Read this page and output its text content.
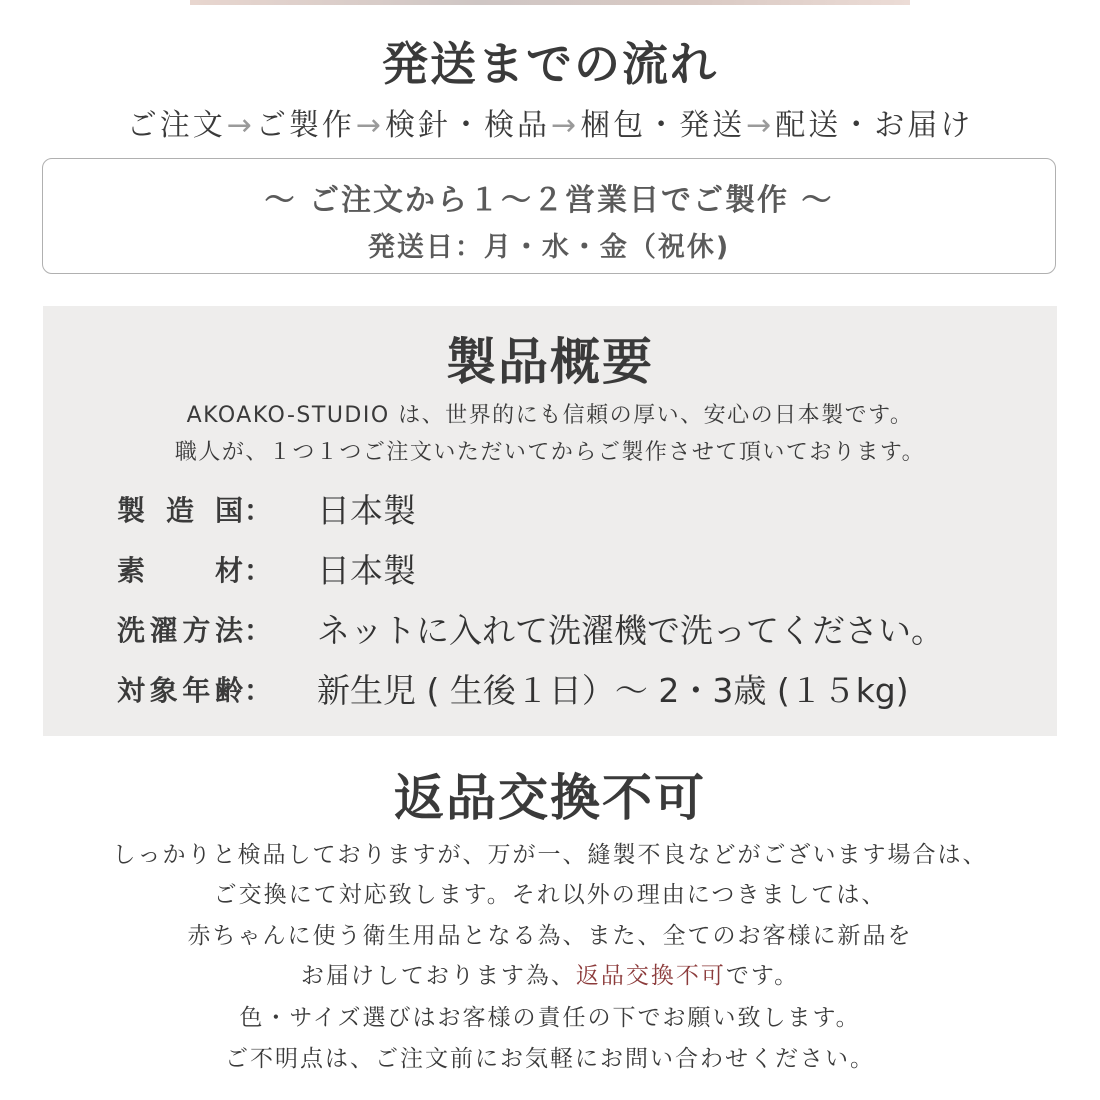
発送までの流れ
ご注文→ご製作→検針・検品→梱包・発送→配送・お届け
〜 ご注文から１〜２営業日でご製作 〜
発送日：月・水・金（祝休)
製品概要
AKOAKO-STUDIO は、世界的にも信頼の厚い、安心の日本製です。
職人が、１つ１つご注文いただいてからご製作させて頂いております。
製造国： 日本製
素材： 日本製
洗濯方法： ネットに入れて洗濯機で洗ってください。
対象年齢： 新生児 ( 生後１日）〜 2・3歳 (１５kg)
返品交換不可
しっかりと検品しておりますが、万が一、縫製不良などがございます場合は、
ご交換にて対応致します。それ以外の理由につきましては、
赤ちゃんに使う衛生用品となる為、また、全てのお客様に新品を
お届けしております為、返品交換不可です。
色・サイズ選びはお客様の責任の下でお願い致します。
ご不明点は、ご注文前にお気軽にお問い合わせください。
